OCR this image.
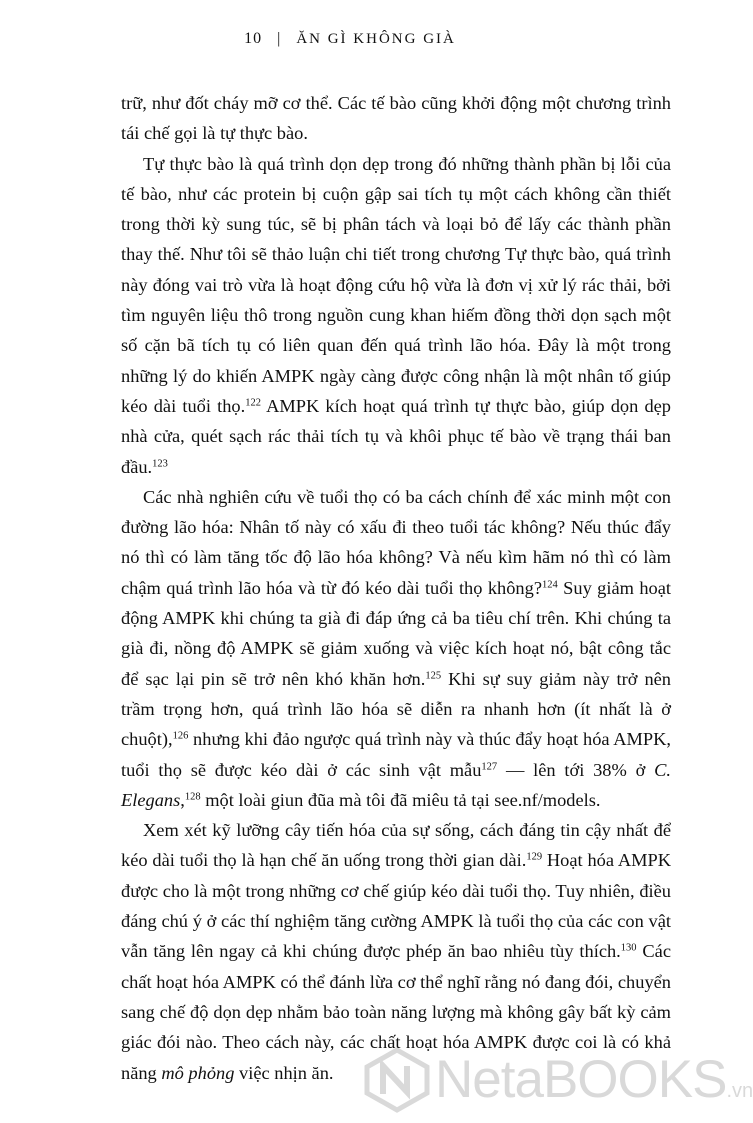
10 | ĂN GÌ KHÔNG GIÀ

trữ, như đốt cháy mỡ cơ thể. Các tế bào cũng khởi động một chương trình tái chế gọi là tự thực bào.

Tự thực bào là quá trình dọn dẹp trong đó những thành phần bị lỗi của tế bào, như các protein bị cuộn gập sai tích tụ một cách không cần thiết trong thời kỳ sung túc, sẽ bị phân tách và loại bỏ để lấy các thành phần thay thế. Như tôi sẽ thảo luận chi tiết trong chương Tự thực bào, quá trình này đóng vai trò vừa là hoạt động cứu hộ vừa là đơn vị xử lý rác thải, bởi tìm nguyên liệu thô trong nguồn cung khan hiếm đồng thời dọn sạch một số cặn bã tích tụ có liên quan đến quá trình lão hóa. Đây là một trong những lý do khiến AMPK ngày càng được công nhận là một nhân tố giúp kéo dài tuổi thọ.$^{122}$ AMPK kích hoạt quá trình tự thực bào, giúp dọn dẹp nhà cửa, quét sạch rác thải tích tụ và khôi phục tế bào về trạng thái ban đầu.$^{123}$

Các nhà nghiên cứu về tuổi thọ có ba cách chính để xác minh một con đường lão hóa: Nhân tố này có xấu đi theo tuổi tác không? Nếu thúc đẩy nó thì có làm tăng tốc độ lão hóa không? Và nếu kìm hãm nó thì có làm chậm quá trình lão hóa và từ đó kéo dài tuổi thọ không?$^{124}$ Suy giảm hoạt động AMPK khi chúng ta già đi đáp ứng cả ba tiêu chí trên. Khi chúng ta già đi, nồng độ AMPK sẽ giảm xuống và việc kích hoạt nó, bật công tắc để sạc lại pin sẽ trở nên khó khăn hơn.$^{125}$ Khi sự suy giảm này trở nên trầm trọng hơn, quá trình lão hóa sẽ diễn ra nhanh hơn (ít nhất là ở chuột),$^{126}$ nhưng khi đảo ngược quá trình này và thúc đẩy hoạt hóa AMPK, tuổi thọ sẽ được kéo dài ở các sinh vật mẫu$^{127}$ — lên tới 38% ở C. Elegans,$^{128}$ một loài giun đũa mà tôi đã miêu tả tại see.nf/models.

Xem xét kỹ lưỡng cây tiến hóa của sự sống, cách đáng tin cậy nhất để kéo dài tuổi thọ là hạn chế ăn uống trong thời gian dài.$^{129}$ Hoạt hóa AMPK được cho là một trong những cơ chế giúp kéo dài tuổi thọ. Tuy nhiên, điều đáng chú ý ở các thí nghiệm tăng cường AMPK là tuổi thọ của các con vật vẫn tăng lên ngay cả khi chúng được phép ăn bao nhiêu tùy thích.$^{130}$ Các chất hoạt hóa AMPK có thể đánh lừa cơ thể nghĩ rằng nó đang đói, chuyển sang chế độ dọn dẹp nhằm bảo toàn năng lượng mà không gây bất kỳ cảm giác đói nào. Theo cách này, các chất hoạt hóa AMPK được coi là có khả năng mô phỏng việc nhịn ăn.	NetaBOOKS.vn
